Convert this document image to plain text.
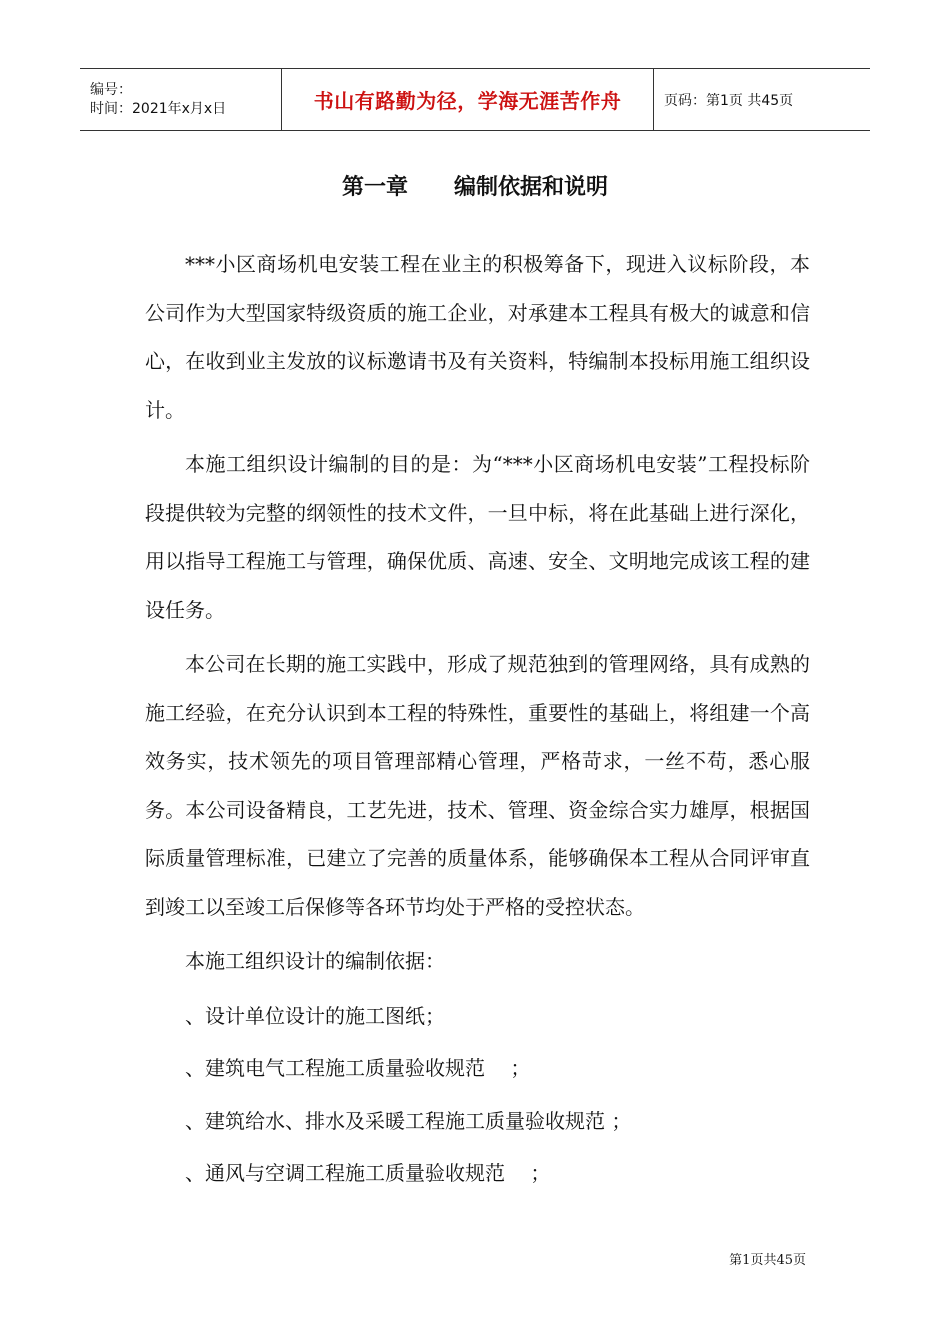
编号：
时间：2021年x月x日	书山有路勤为径，学海无涯苦作舟	页码：第1页 共45页
第一章      编制依据和说明

***小区商场机电安装工程在业主的积极筹备下，现进入议标阶段，本公司作为大型国家特级资质的施工企业，对承建本工程具有极大的诚意和信心，在收到业主发放的议标邀请书及有关资料，特编制本投标用施工组织设计。

本施工组织设计编制的目的是：为“***小区商场机电安装”工程投标阶段提供较为完整的纲领性的技术文件，一旦中标，将在此基础上进行深化，用以指导工程施工与管理，确保优质、高速、安全、文明地完成该工程的建设任务。

本公司在长期的施工实践中，形成了规范独到的管理网络，具有成熟的施工经验，在充分认识到本工程的特殊性，重要性的基础上，将组建一个高效务实，技术领先的项目管理部精心管理，严格苛求，一丝不苟，悉心服务。本公司设备精良，工艺先进，技术、管理、资金综合实力雄厚，根据国际质量管理标准，已建立了完善的质量体系，能够确保本工程从合同评审直到竣工以至竣工后保修等各环节均处于严格的受控状态。

本施工组织设计的编制依据：

、设计单位设计的施工图纸；

、建筑电气工程施工质量验收规范    ；

、建筑给水、排水及采暖工程施工质量验收规范 ；

、通风与空调工程施工质量验收规范    ；

第1页共45页
